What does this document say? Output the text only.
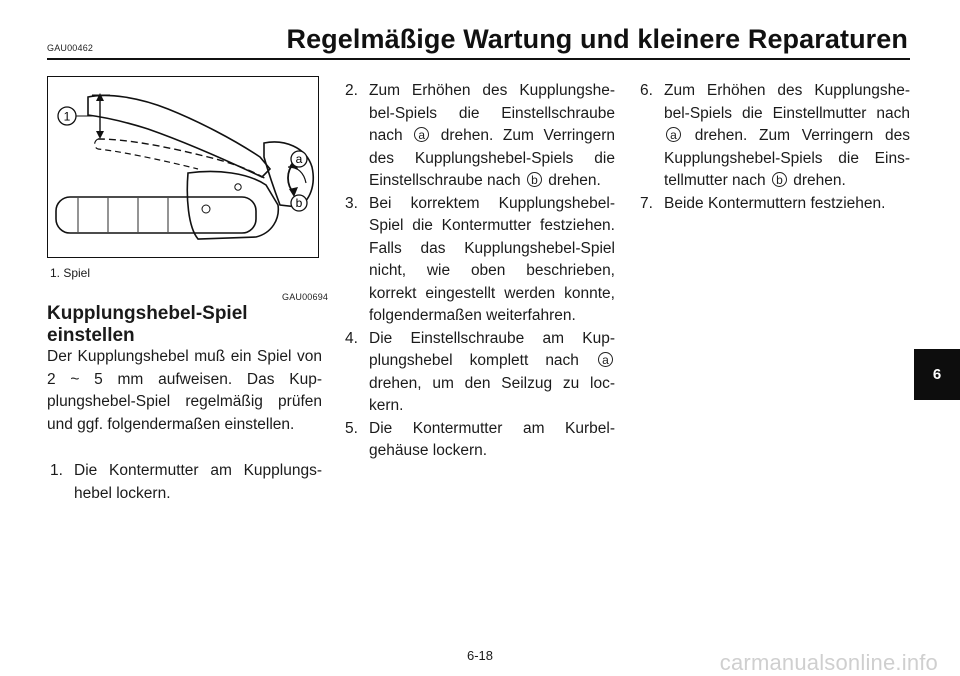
GAU00462	Regelmäßige Wartung und kleinere Reparaturen
1
a
b
1. Spiel
GAU00694
Kupplungshebel-Spiel einstellen

Der Kupplungshebel muß ein Spiel von 2 ~ 5 mm aufweisen. Das Kup-plungshebel-Spiel regelmäßig prüfen und ggf. folgendermaßen einstellen.

1. Die Kontermutter am Kupplungs-hebel lockern.
2. Zum Erhöhen des Kupplungshe-bel-Spiels die Einstellschraube nach a drehen. Zum Verringern des Kupplungshebel-Spiels die Einstellschraube nach b drehen.
3. Bei korrektem Kupplungshebel-Spiel die Kontermutter festziehen. Falls das Kupplungshebel-Spiel nicht, wie oben beschrieben, korrekt eingestellt werden konnte, folgendermaßen weiterfahren.
4. Die Einstellschraube am Kup-plungshebel komplett nach a drehen, um den Seilzug zu loc-kern.
5. Die Kontermutter am Kurbel-gehäuse lockern.
6. Zum Erhöhen des Kupplungshe-bel-Spiels die Einstellmutter nach a drehen. Zum Verringern des Kupplungshebel-Spiels die Eins-tellmutter nach b drehen.
7. Beide Kontermuttern festziehen.
6-18
6
carmanualsonline.info
